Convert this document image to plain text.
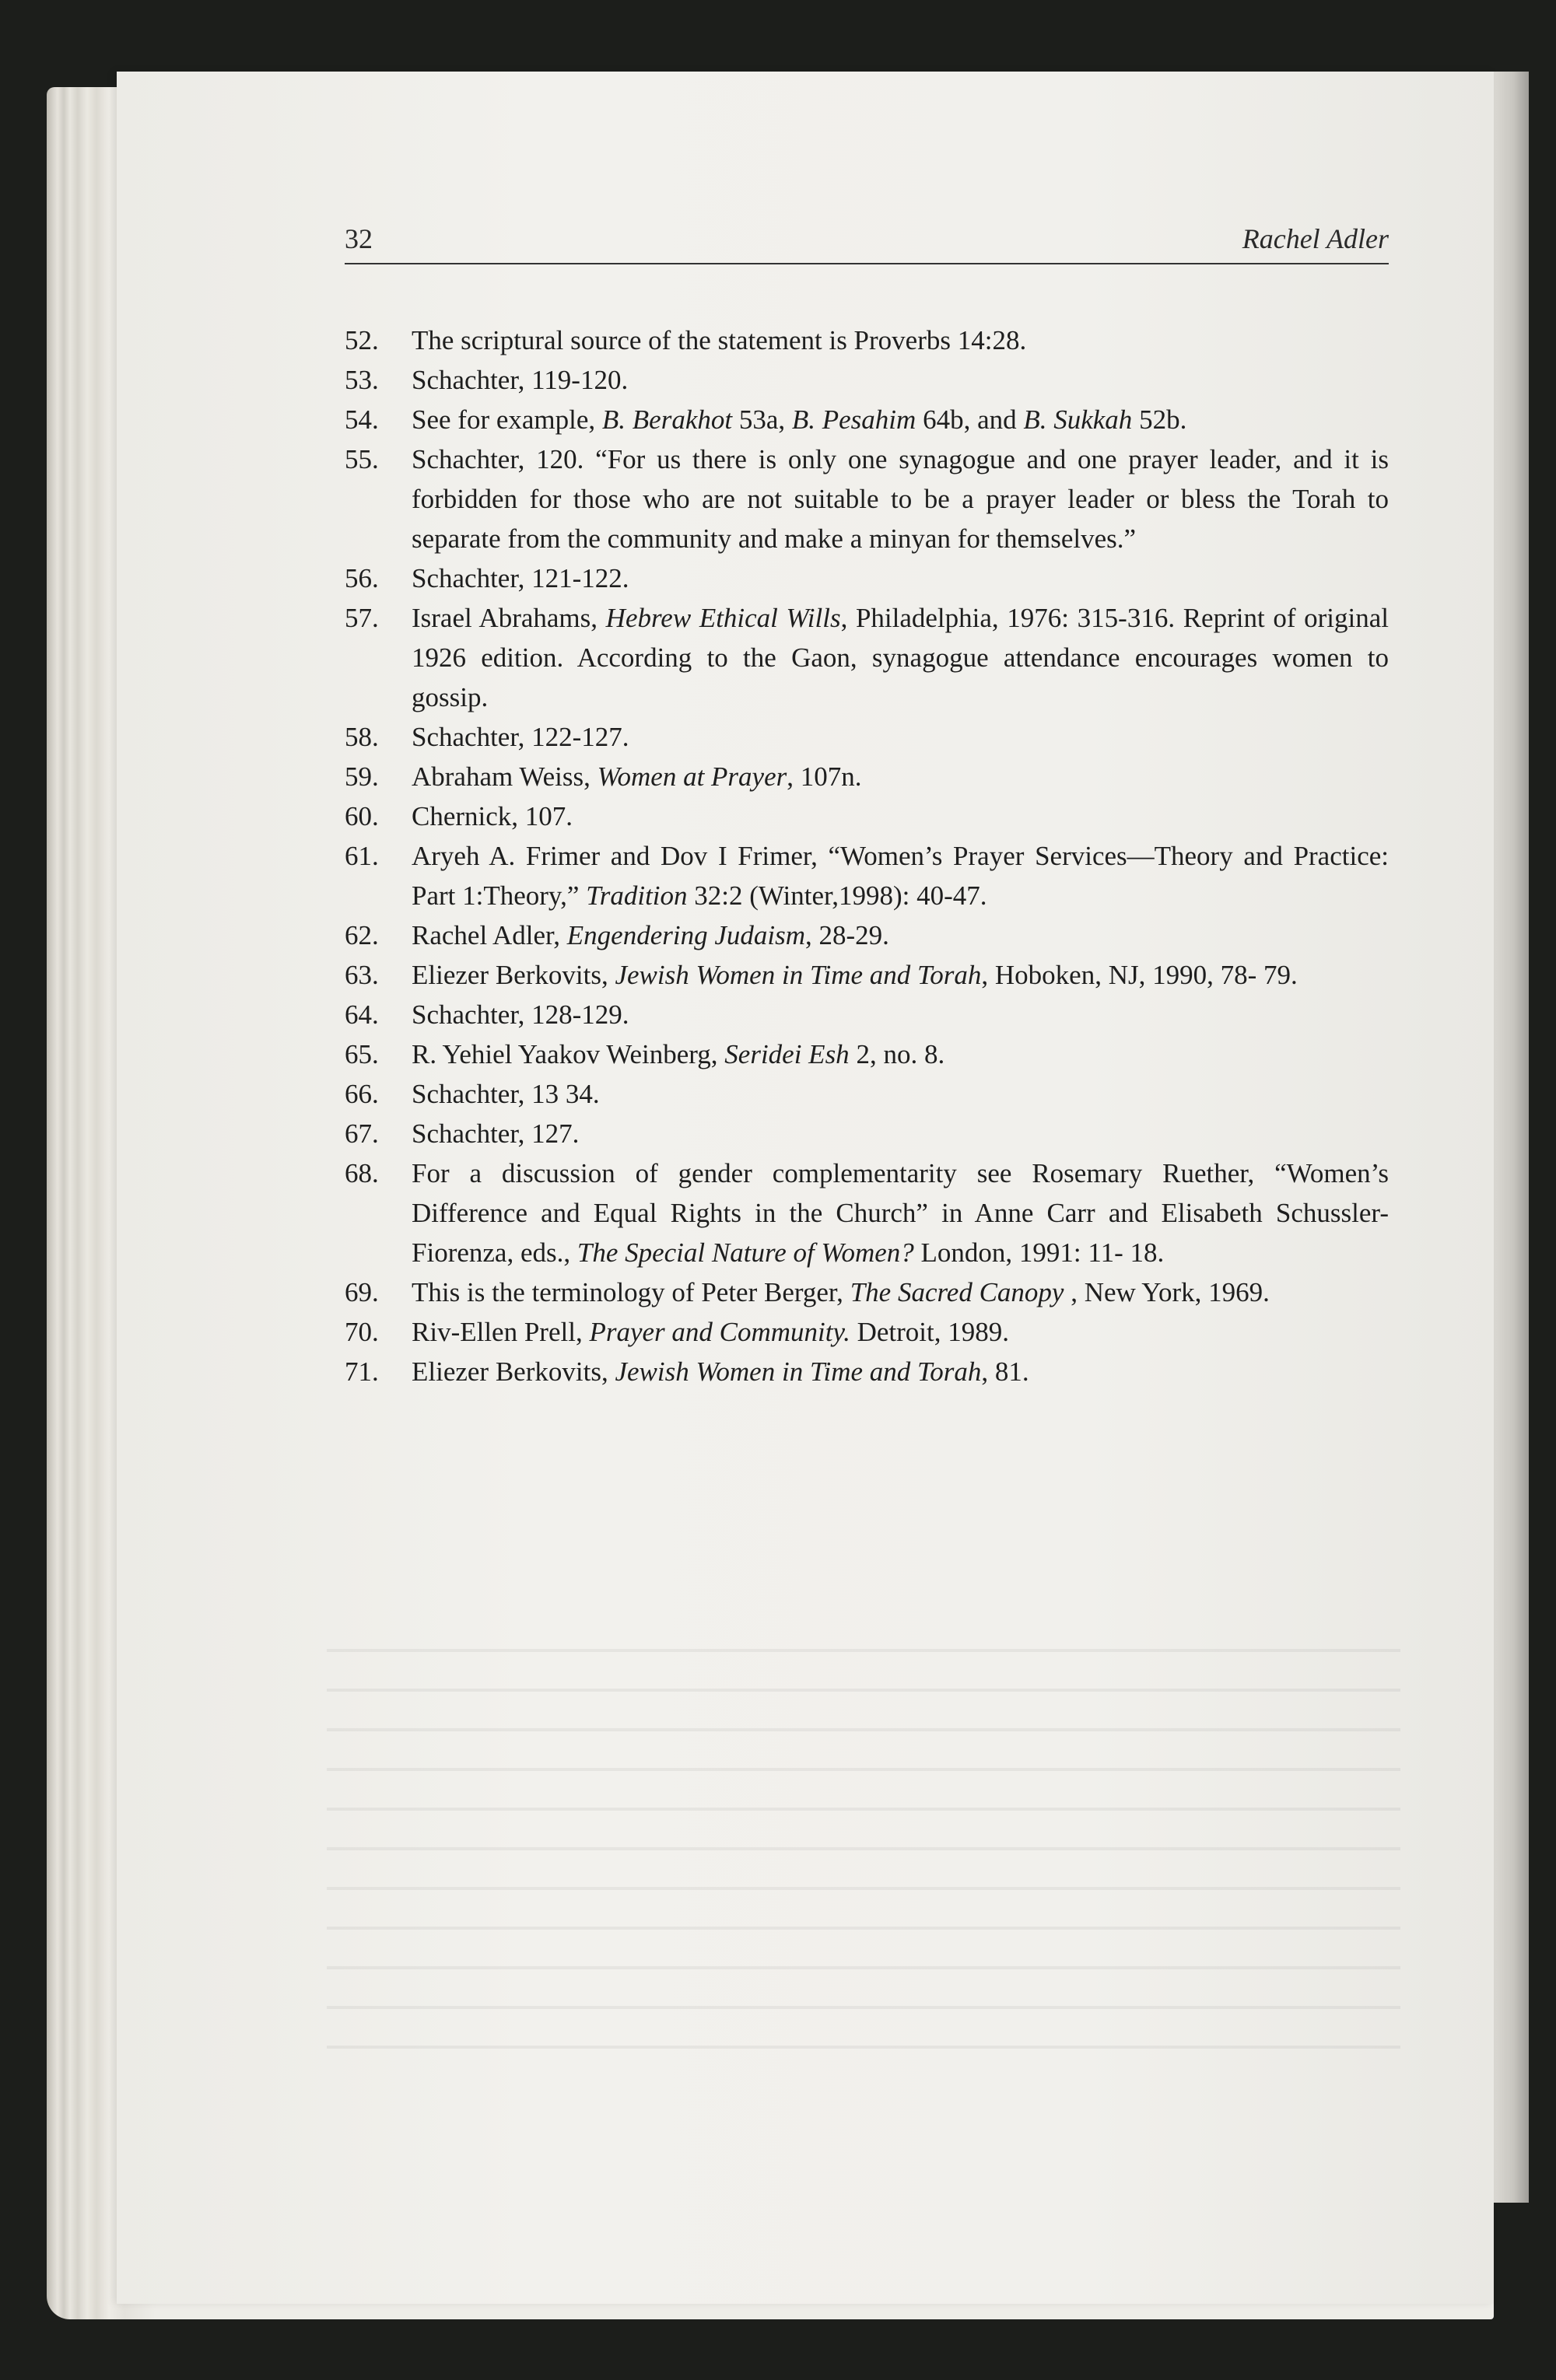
32	Rachel Adler
52. The scriptural source of the statement is Proverbs 14:28.
53. Schachter, 119-120.
54. See for example, B. Berakhot 53a, B. Pesahim 64b, and B. Sukkah 52b.
55. Schachter, 120. “For us there is only one synagogue and one prayer leader, and it is forbidden for those who are not suitable to be a prayer leader or bless the Torah to separate from the community and make a minyan for themselves.”
56. Schachter, 121-122.
57. Israel Abrahams, Hebrew Ethical Wills, Philadelphia, 1976: 315-316. Reprint of original 1926 edition. According to the Gaon, synagogue attendance encourages women to gossip.
58. Schachter, 122-127.
59. Abraham Weiss, Women at Prayer, 107n.
60. Chernick, 107.
61. Aryeh A. Frimer and Dov I Frimer, “Women’s Prayer Services—Theory and Practice: Part 1:Theory,” Tradition 32:2 (Winter,1998): 40-47.
62. Rachel Adler, Engendering Judaism, 28-29.
63. Eliezer Berkovits, Jewish Women in Time and Torah, Hoboken, NJ, 1990, 78- 79.
64. Schachter, 128-129.
65. R. Yehiel Yaakov Weinberg, Seridei Esh 2, no. 8.
66. Schachter, 13 34.
67. Schachter, 127.
68. For a discussion of gender complementarity see Rosemary Ruether, “Women’s Difference and Equal Rights in the Church” in Anne Carr and Elisabeth Schussler-Fiorenza, eds., The Special Nature of Women? London, 1991: 11- 18.
69. This is the terminology of Peter Berger, The Sacred Canopy , New York, 1969.
70. Riv-Ellen Prell, Prayer and Community. Detroit, 1989.
71. Eliezer Berkovits, Jewish Women in Time and Torah, 81.
